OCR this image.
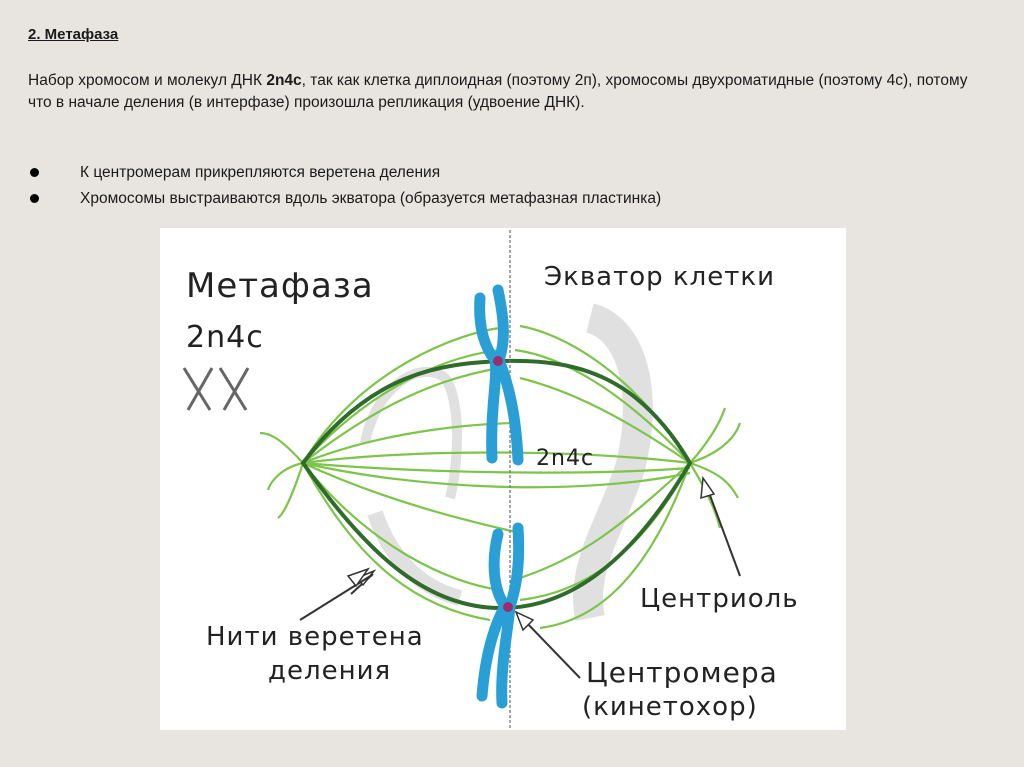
2. Метафаза
Набор хромосом и молекул ДНК 2n4c, так как клетка диплоидная (поэтому 2п), хромосомы двухроматидные (поэтому 4с), потому что в начале деления (в интерфазе) произошла репликация (удвоение ДНК).
К центромерам прикрепляются веретена деления
Хромосомы выстраиваются вдоль экватора (образуется метафазная пластинка)
Метафаза
2n4c
Экватор клетки
2n4c
Центриоль
Нити веретена
деления	Центромера
(кинетохор)
